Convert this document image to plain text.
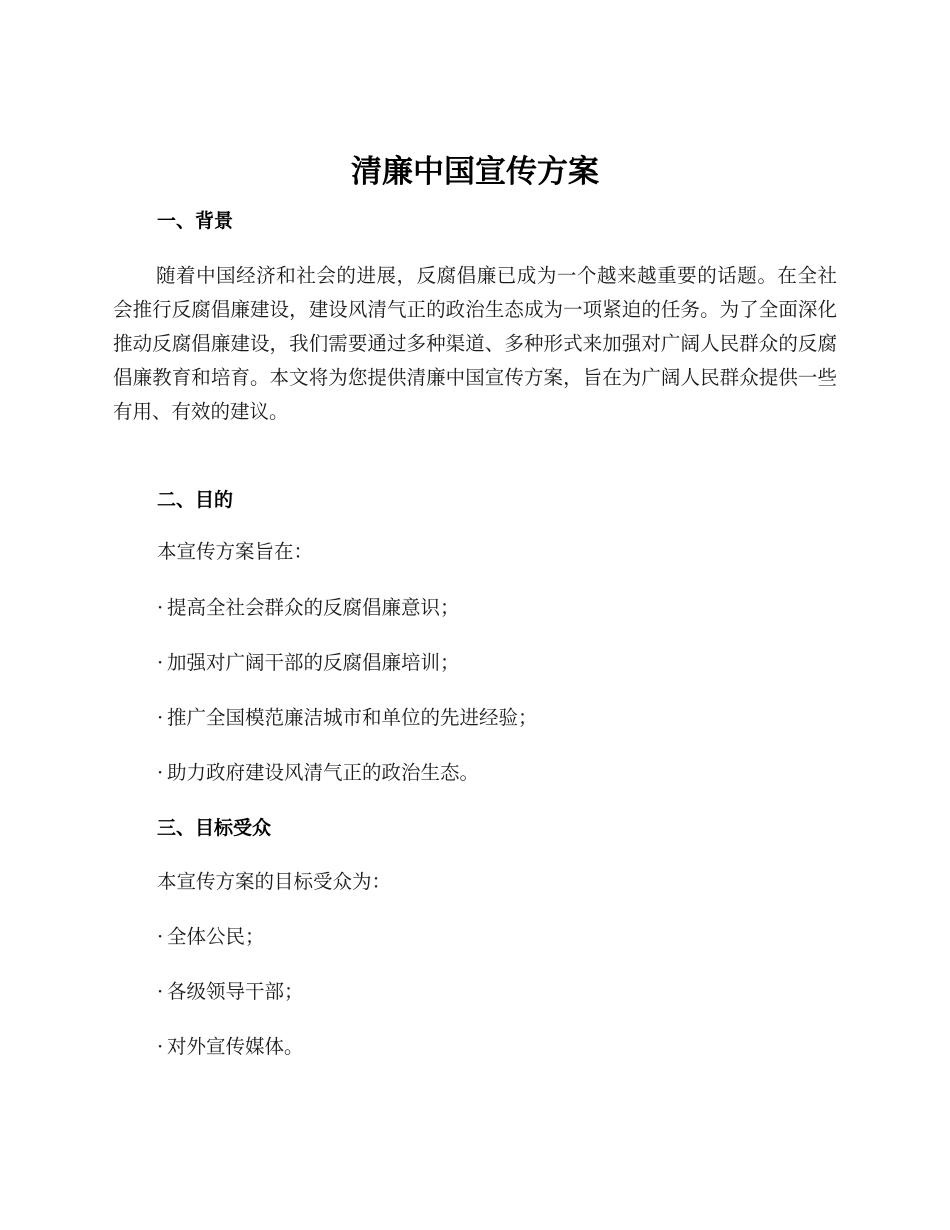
清廉中国宣传方案
一、背景

随着中国经济和社会的进展，反腐倡廉已成为一个越来越重要的话题。在全社会推行反腐倡廉建设，建设风清气正的政治生态成为一项紧迫的任务。为了全面深化推动反腐倡廉建设，我们需要通过多种渠道、多种形式来加强对广阔人民群众的反腐倡廉教育和培育。本文将为您提供清廉中国宣传方案，旨在为广阔人民群众提供一些有用、有效的建议。

二、目的

本宣传方案旨在：

· 提高全社会群众的反腐倡廉意识；

· 加强对广阔干部的反腐倡廉培训；

· 推广全国模范廉洁城市和单位的先进经验；

· 助力政府建设风清气正的政治生态。

三、目标受众

本宣传方案的目标受众为：

· 全体公民；

· 各级领导干部；

· 对外宣传媒体。
